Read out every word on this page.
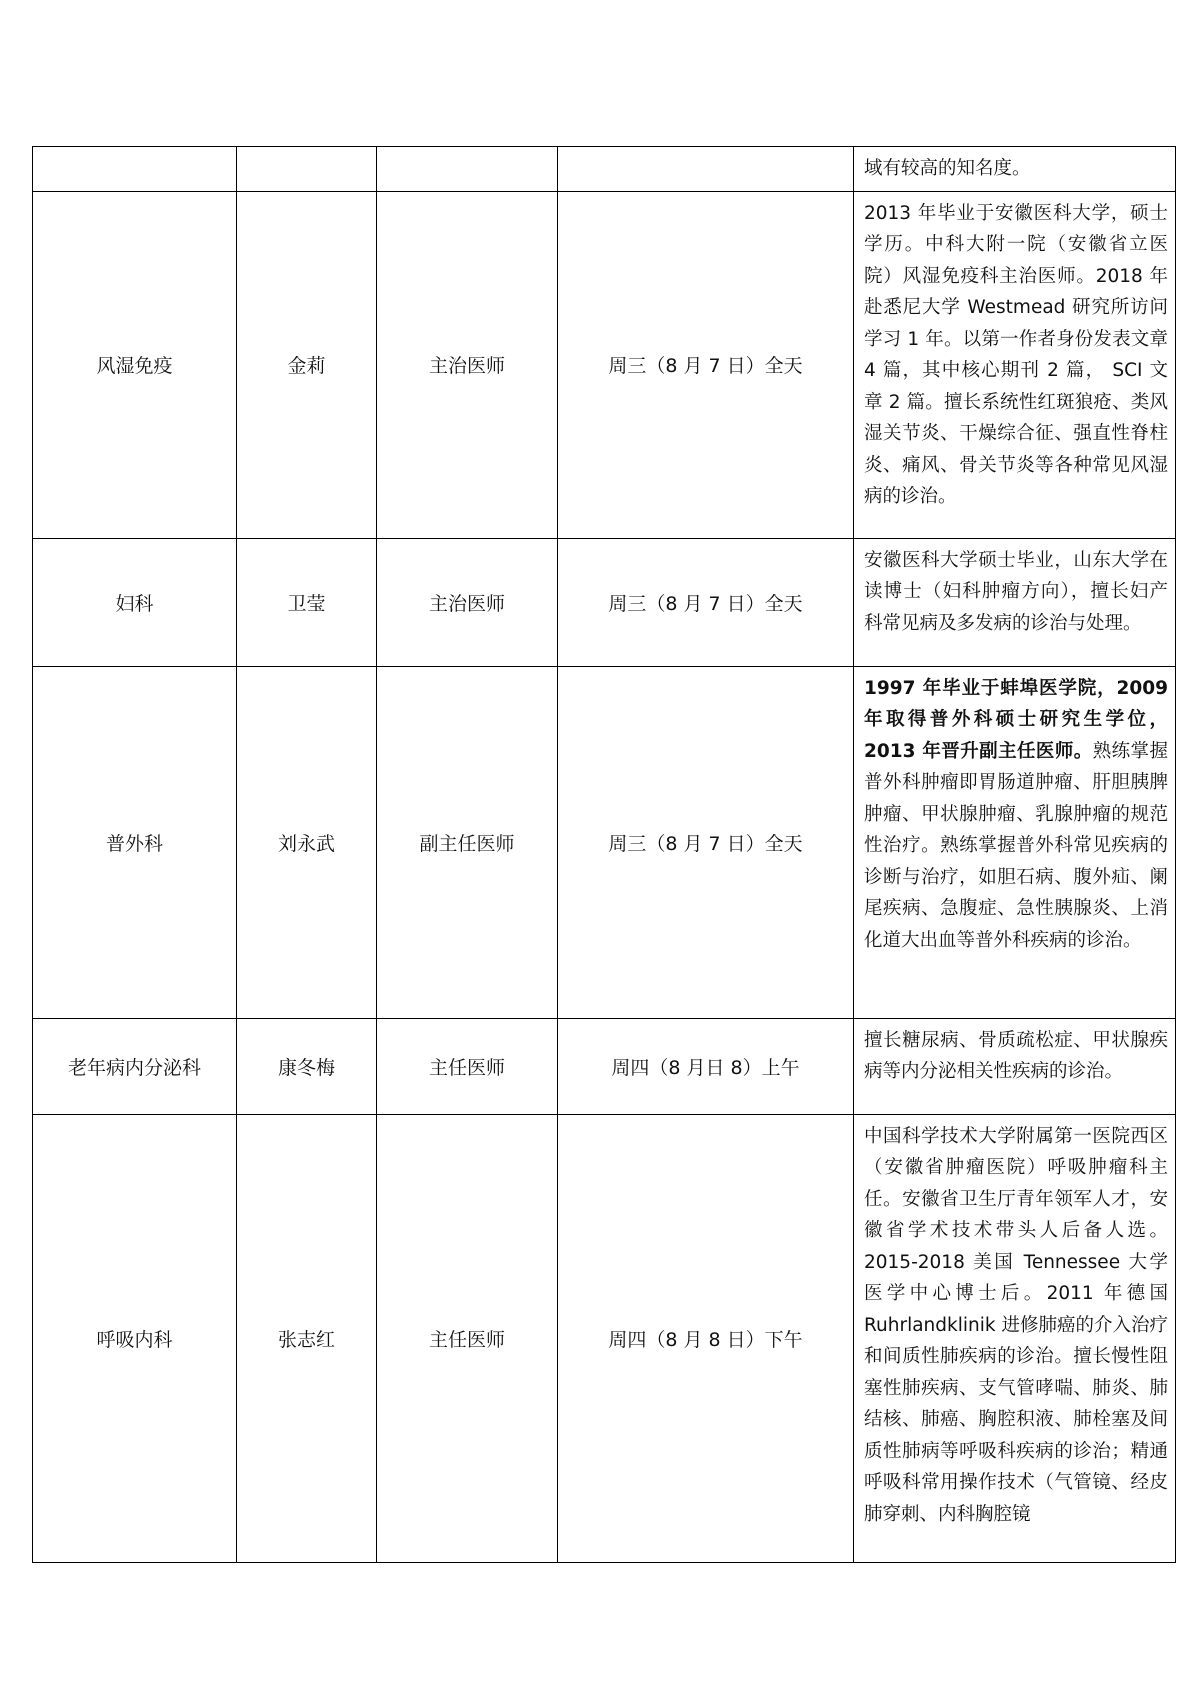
				域有较高的知名度。
风湿免疫	金莉	主治医师	周三（8 月 7 日）全天	2013 年毕业于安徽医科大学，硕士学历。中科大附一院（安徽省立医院）风湿免疫科主治医师。2018 年赴悉尼大学 Westmead 研究所访问学习 1 年。以第一作者身份发表文章 4 篇，其中核心期刊 2 篇， SCI 文章 2 篇。擅长系统性红斑狼疮、类风湿关节炎、干燥综合征、强直性脊柱炎、痛风、骨关节炎等各种常见风湿病的诊治。
妇科	卫莹	主治医师	周三（8 月 7 日）全天	安徽医科大学硕士毕业，山东大学在读博士（妇科肿瘤方向），擅长妇产科常见病及多发病的诊治与处理。
普外科	刘永武	副主任医师	周三（8 月 7 日）全天	1997 年毕业于蚌埠医学院，2009 年取得普外科硕士研究生学位，2013 年晋升副主任医师。熟练掌握普外科肿瘤即胃肠道肿瘤、肝胆胰脾肿瘤、甲状腺肿瘤、乳腺肿瘤的规范性治疗。熟练掌握普外科常见疾病的诊断与治疗，如胆石病、腹外疝、阑尾疾病、急腹症、急性胰腺炎、上消化道大出血等普外科疾病的诊治。
老年病内分泌科	康冬梅	主任医师	周四（8 月日 8）上午	擅长糖尿病、骨质疏松症、甲状腺疾病等内分泌相关性疾病的诊治。
呼吸内科	张志红	主任医师	周四（8 月 8 日）下午	中国科学技术大学附属第一医院西区（安徽省肿瘤医院）呼吸肿瘤科主任。安徽省卫生厅青年领军人才，安徽省学术技术带头人后备人选。2015-2018 美国 Tennessee 大学医学中心博士后。2011 年德国 Ruhrlandklinik 进修肺癌的介入治疗和间质性肺疾病的诊治。擅长慢性阻塞性肺疾病、支气管哮喘、肺炎、肺结核、肺癌、胸腔积液、肺栓塞及间质性肺病等呼吸科疾病的诊治；精通呼吸科常用操作技术（气管镜、经皮肺穿刺、内科胸腔镜
